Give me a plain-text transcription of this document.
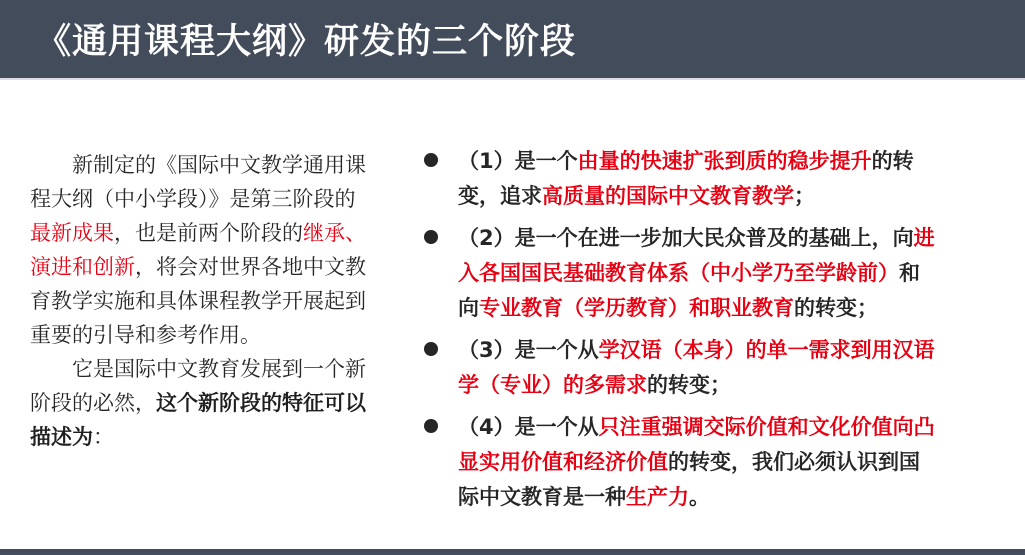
《通用课程大纲》研发的三个阶段

新制定的《国际中文教学通用课程大纲（中小学段）》是第三阶段的最新成果，也是前两个阶段的继承、演进和创新，将会对世界各地中文教育教学实施和具体课程教学开展起到重要的引导和参考作用。

它是国际中文教育发展到一个新阶段的必然，这个新阶段的特征可以描述为：

（1）是一个由量的快速扩张到质的稳步提升的转变，追求高质量的国际中文教育教学；
（2）是一个在进一步加大民众普及的基础上，向进入各国国民基础教育体系（中小学乃至学龄前）和向专业教育（学历教育）和职业教育的转变；
（3）是一个从学汉语（本身）的单一需求到用汉语学（专业）的多需求的转变；
（4）是一个从只注重强调交际价值和文化价值向凸显实用价值和经济价值的转变，我们必须认识到国际中文教育是一种生产力。
